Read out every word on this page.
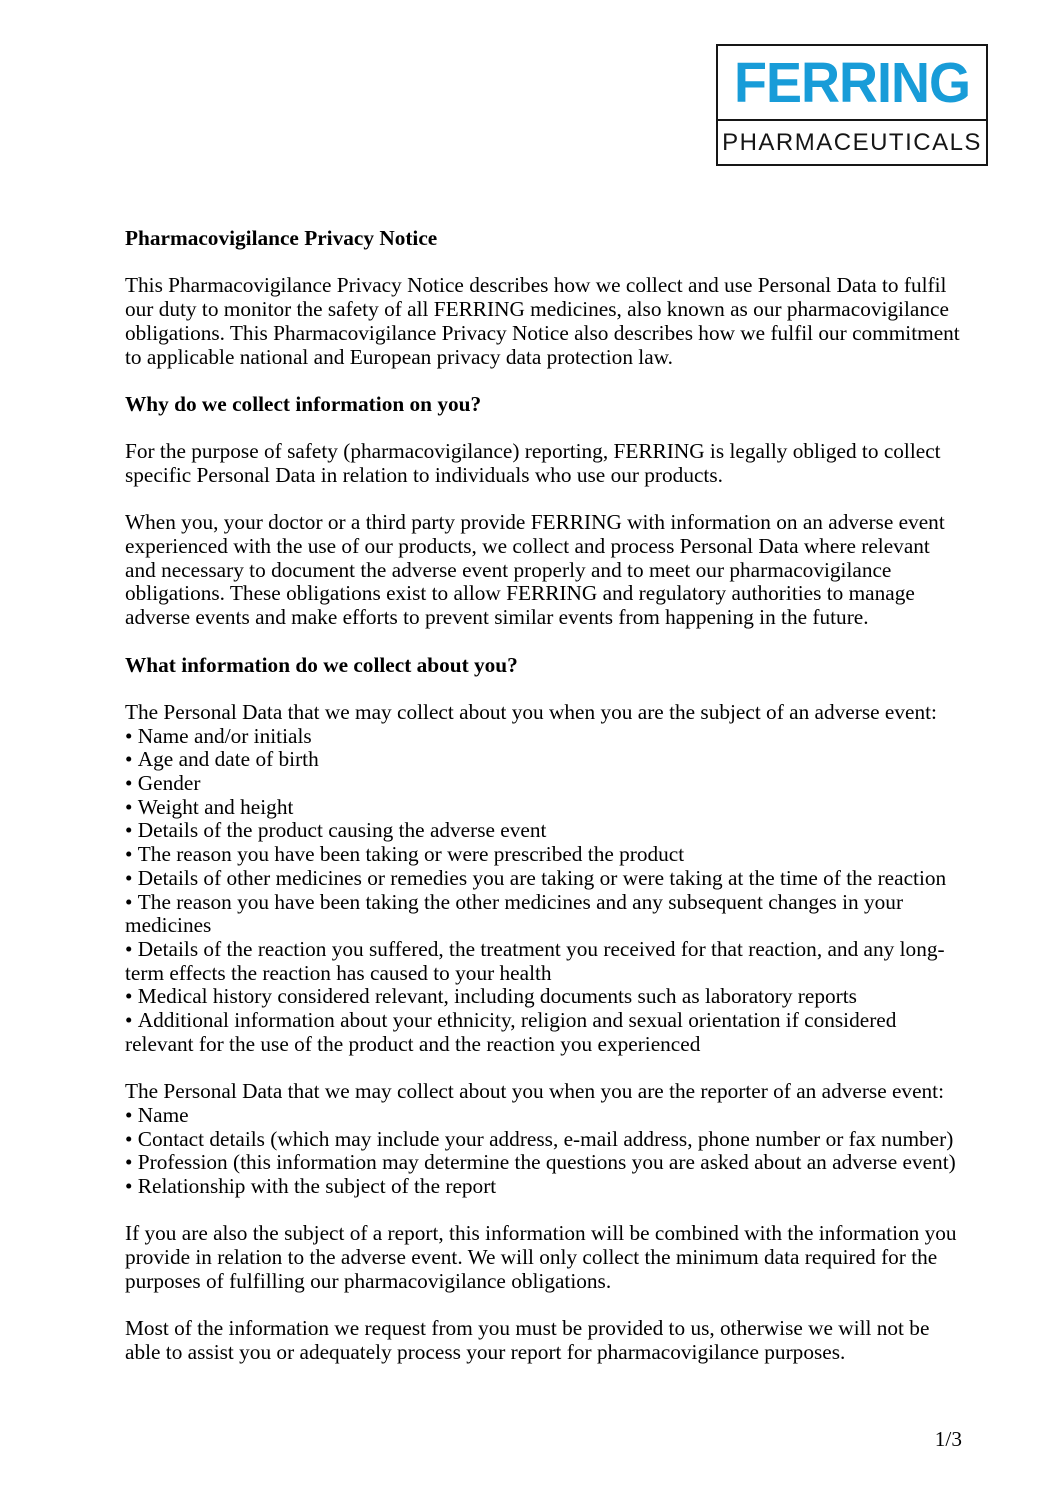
FERRING
PHARMACEUTICALS
Pharmacovigilance Privacy Notice

This Pharmacovigilance Privacy Notice describes how we collect and use Personal Data to fulfil our duty to monitor the safety of all FERRING medicines, also known as our pharmacovigilance obligations. This Pharmacovigilance Privacy Notice also describes how we fulfil our commitment to applicable national and European privacy data protection law.

Why do we collect information on you?

For the purpose of safety (pharmacovigilance) reporting, FERRING is legally obliged to collect specific Personal Data in relation to individuals who use our products.

When you, your doctor or a third party provide FERRING with information on an adverse event experienced with the use of our products, we collect and process Personal Data where relevant and necessary to document the adverse event properly and to meet our pharmacovigilance obligations. These obligations exist to allow FERRING and regulatory authorities to manage adverse events and make efforts to prevent similar events from happening in the future.

What information do we collect about you?

The Personal Data that we may collect about you when you are the subject of an adverse event:

• Name and/or initials
• Age and date of birth
• Gender
• Weight and height
• Details of the product causing the adverse event
• The reason you have been taking or were prescribed the product
• Details of other medicines or remedies you are taking or were taking at the time of the reaction
• The reason you have been taking the other medicines and any subsequent changes in your medicines
• Details of the reaction you suffered, the treatment you received for that reaction, and any long-term effects the reaction has caused to your health
• Medical history considered relevant, including documents such as laboratory reports
• Additional information about your ethnicity, religion and sexual orientation if considered relevant for the use of the product and the reaction you experienced

The Personal Data that we may collect about you when you are the reporter of an adverse event:

• Name
• Contact details (which may include your address, e-mail address, phone number or fax number)
• Profession (this information may determine the questions you are asked about an adverse event)
• Relationship with the subject of the report

If you are also the subject of a report, this information will be combined with the information you provide in relation to the adverse event. We will only collect the minimum data required for the purposes of fulfilling our pharmacovigilance obligations.

Most of the information we request from you must be provided to us, otherwise we will not be able to assist you or adequately process your report for pharmacovigilance purposes.

1/3
